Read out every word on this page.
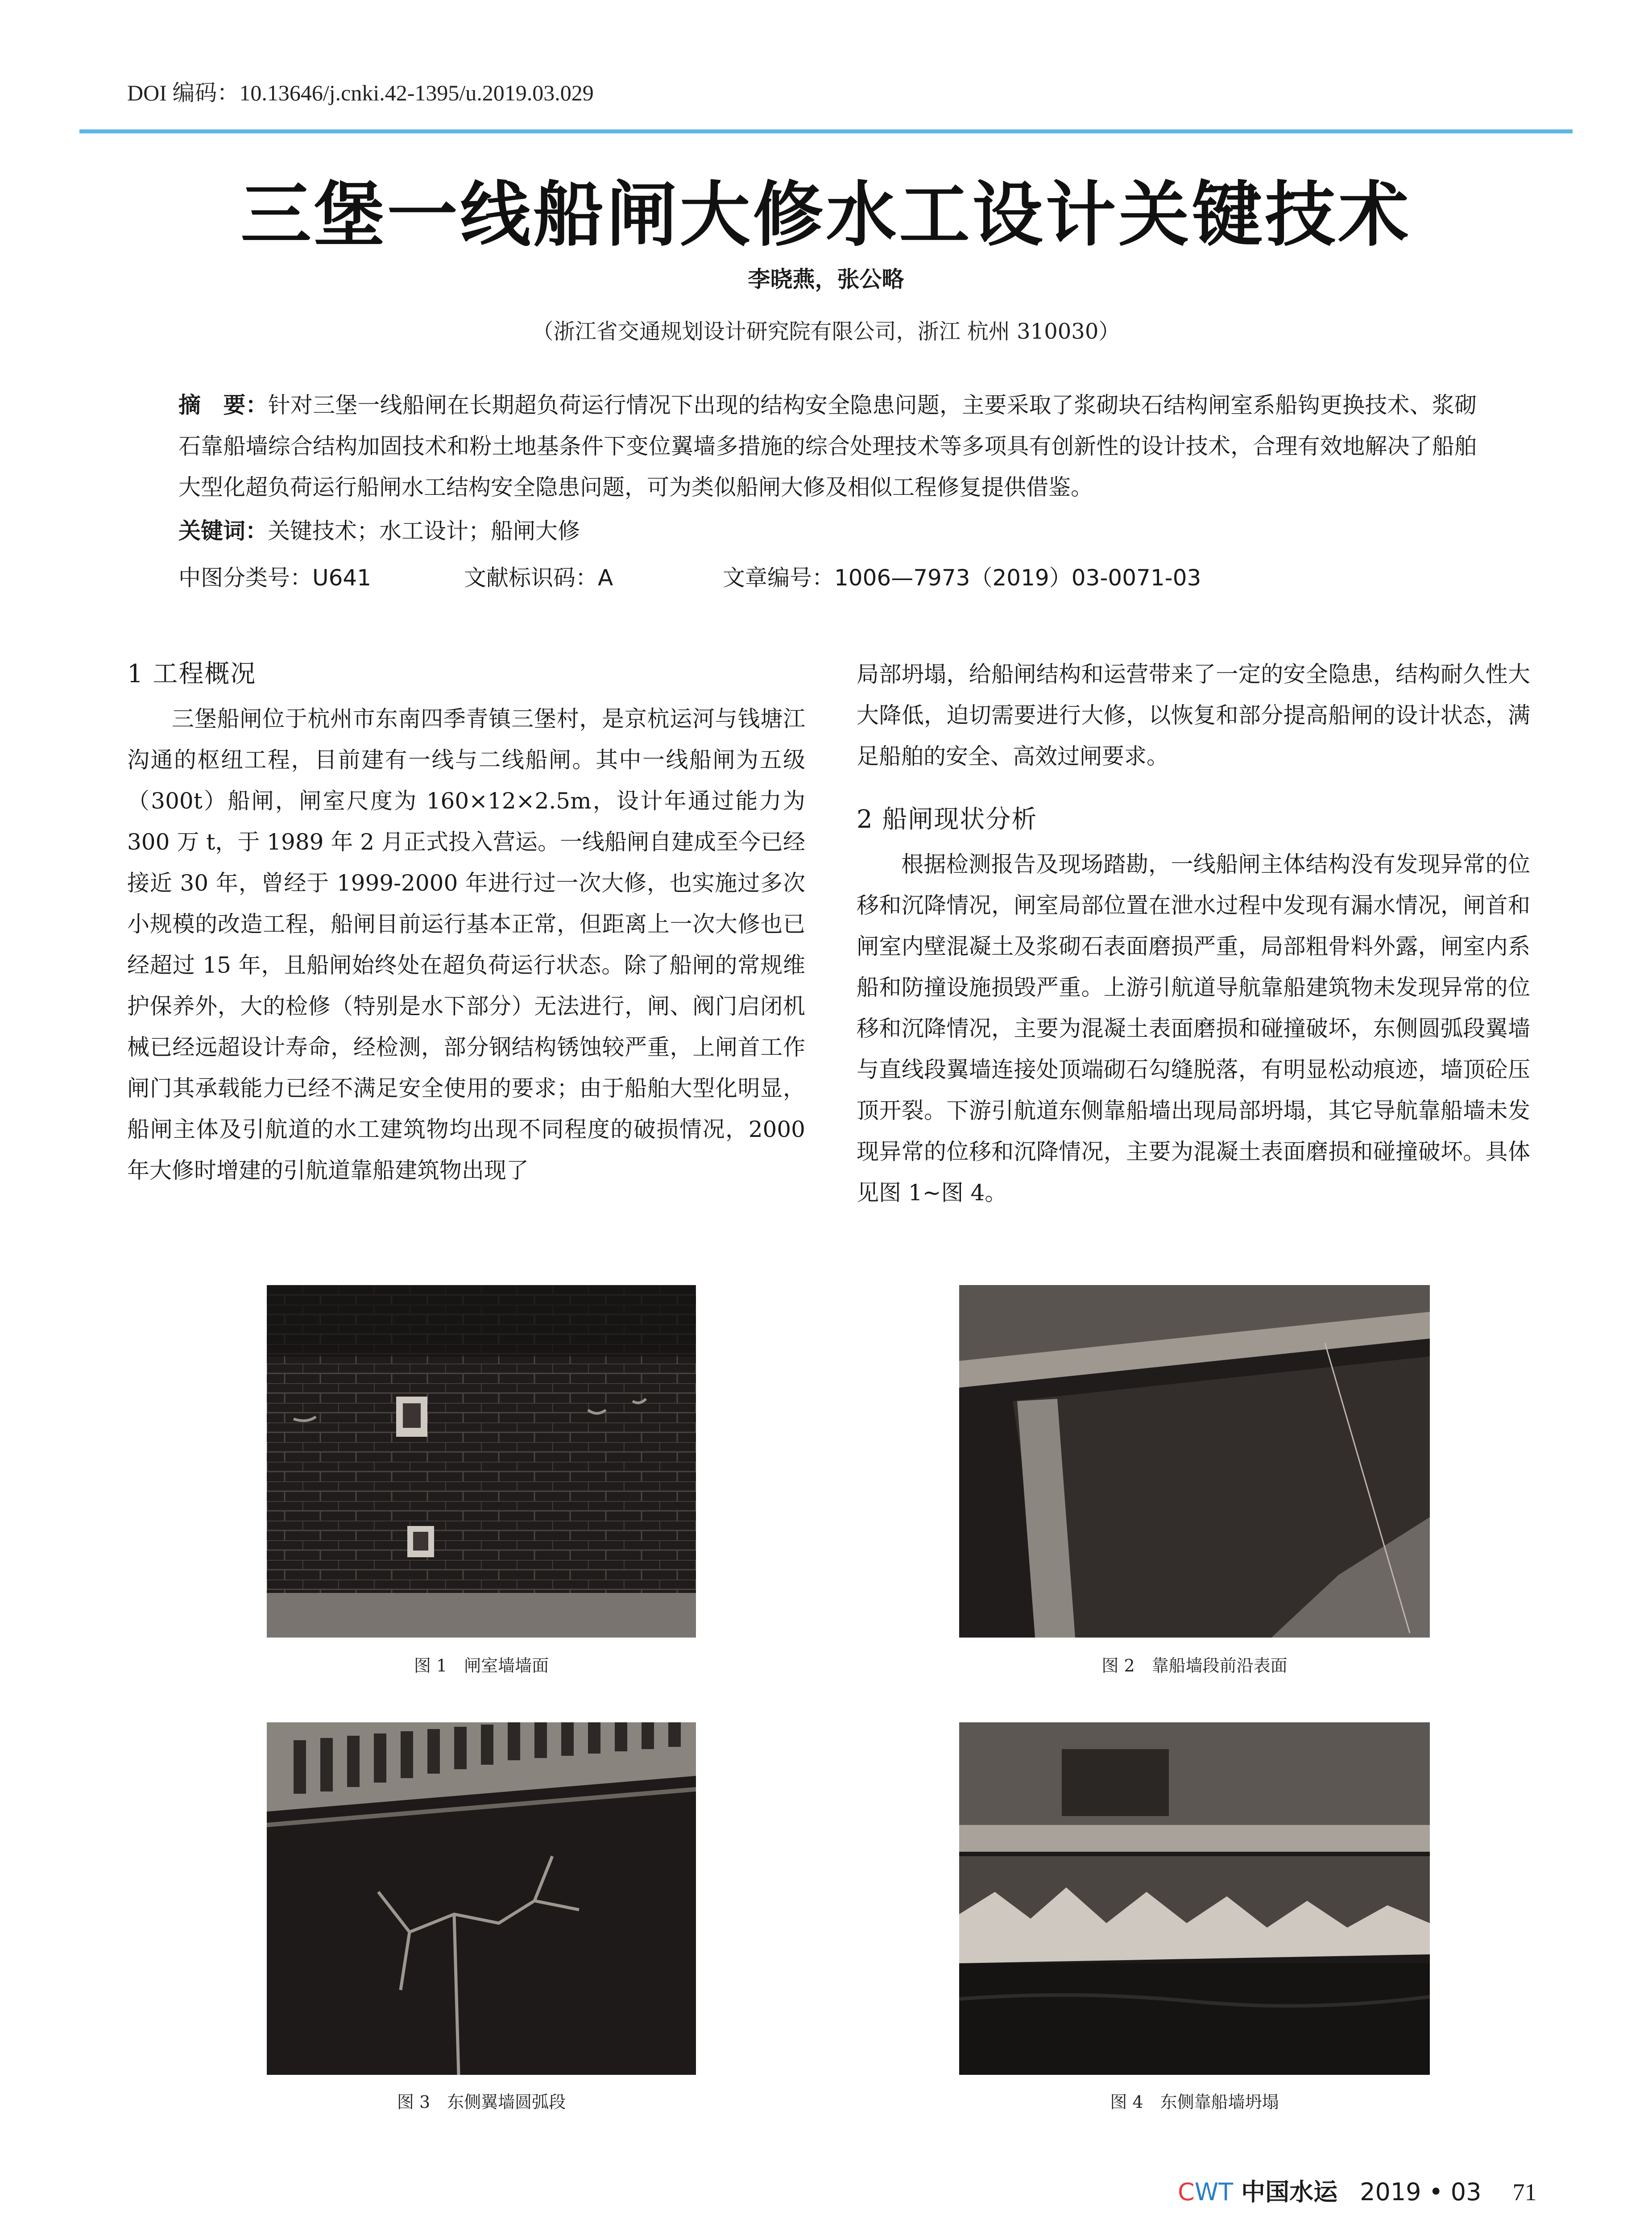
DOI 编码：10.13646/j.cnki.42-1395/u.2019.03.029
三堡一线船闸大修水工设计关键技术
李晓燕，张公略
（浙江省交通规划设计研究院有限公司，浙江 杭州 310030）
摘　要：针对三堡一线船闸在长期超负荷运行情况下出现的结构安全隐患问题，主要采取了浆砌块石结构闸室系船钩更换技术、浆砌石靠船墙综合结构加固技术和粉土地基条件下变位翼墙多措施的综合处理技术等多项具有创新性的设计技术，合理有效地解决了船舶大型化超负荷运行船闸水工结构安全隐患问题，可为类似船闸大修及相似工程修复提供借鉴。
关键词：关键技术；水工设计；船闸大修
中图分类号：U641	文献标识码：A	文章编号：1006—7973（2019）03-0071-03
1 工程概况

三堡船闸位于杭州市东南四季青镇三堡村，是京杭运河与钱塘江沟通的枢纽工程，目前建有一线与二线船闸。其中一线船闸为五级（300t）船闸，闸室尺度为 160×12×2.5m，设计年通过能力为 300 万 t，于 1989 年 2 月正式投入营运。一线船闸自建成至今已经接近 30 年，曾经于 1999-2000 年进行过一次大修，也实施过多次小规模的改造工程，船闸目前运行基本正常，但距离上一次大修也已经超过 15 年，且船闸始终处在超负荷运行状态。除了船闸的常规维护保养外，大的检修（特别是水下部分）无法进行，闸、阀门启闭机械已经远超设计寿命，经检测，部分钢结构锈蚀较严重，上闸首工作闸门其承载能力已经不满足安全使用的要求；由于船舶大型化明显，船闸主体及引航道的水工建筑物均出现不同程度的破损情况，2000 年大修时增建的引航道靠船建筑物出现了

局部坍塌，给船闸结构和运营带来了一定的安全隐患，结构耐久性大大降低，迫切需要进行大修，以恢复和部分提高船闸的设计状态，满足船舶的安全、高效过闸要求。

2 船闸现状分析

根据检测报告及现场踏勘，一线船闸主体结构没有发现异常的位移和沉降情况，闸室局部位置在泄水过程中发现有漏水情况，闸首和闸室内壁混凝土及浆砌石表面磨损严重，局部粗骨料外露，闸室内系船和防撞设施损毁严重。上游引航道导航靠船建筑物未发现异常的位移和沉降情况，主要为混凝土表面磨损和碰撞破坏，东侧圆弧段翼墙与直线段翼墙连接处顶端砌石勾缝脱落，有明显松动痕迹，墙顶砼压顶开裂。下游引航道东侧靠船墙出现局部坍塌，其它导航靠船墙未发现异常的位移和沉降情况，主要为混凝土表面磨损和碰撞破坏。具体见图 1~图 4。

图 1　闸室墙墙面	图 2　靠船墙段前沿表面
图 3　东侧翼墙圆弧段	图 4　东侧靠船墙坍塌
CWT 中国水运 2019 • 03 71
